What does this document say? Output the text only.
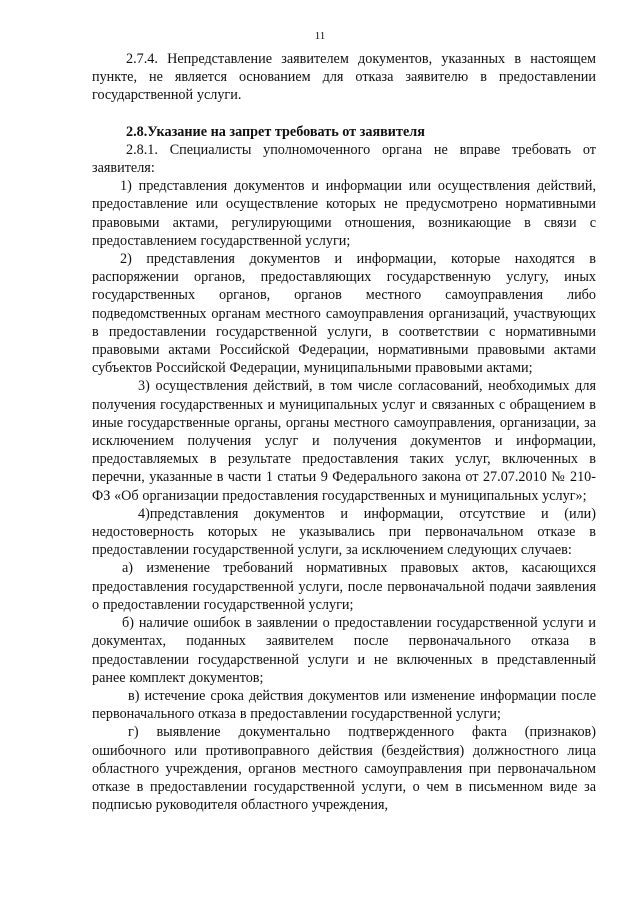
11

2.7.4. Непредставление заявителем документов, указанных в настоящем пункте, не является основанием для отказа заявителю в предоставлении государственной услуги.

2.8.Указание на запрет требовать от заявителя

2.8.1. Специалисты уполномоченного органа не вправе требовать от заявителя:

1) представления документов и информации или осуществления действий, предоставление или осуществление которых не предусмотрено нормативными правовыми актами, регулирующими отношения, возникающие в связи с предоставлением государственной услуги;

2) представления документов и информации, которые находятся в распоряжении органов, предоставляющих государственную услугу, иных государственных органов, органов местного самоуправления либо подведомственных органам местного самоуправления организаций, участвующих в предоставлении государственной услуги, в соответствии с нормативными правовыми актами Российской Федерации, нормативными правовыми актами субъектов Российской Федерации, муниципальными правовыми актами;

3) осуществления действий, в том числе согласований, необходимых для получения государственных и муниципальных услуг и связанных с обращением в иные государственные органы, органы местного самоуправления, организации, за исключением получения услуг и получения документов и информации, предоставляемых в результате предоставления таких услуг, включенных в перечни, указанные в части 1 статьи 9 Федерального закона от 27.07.2010 № 210-ФЗ «Об организации предоставления государственных и муниципальных услуг»;

4)представления документов и информации, отсутствие и (или) недостоверность которых не указывались при первоначальном отказе в предоставлении государственной услуги, за исключением следующих случаев:

а) изменение требований нормативных правовых актов, касающихся предоставления государственной услуги, после первоначальной подачи заявления о предоставлении государственной услуги;

б) наличие ошибок в заявлении о предоставлении государственной услуги и документах, поданных заявителем после первоначального отказа в предоставлении государственной услуги и не включенных в представленный ранее комплект документов;

в) истечение срока действия документов или изменение информации после первоначального отказа в предоставлении государственной услуги;

г) выявление документально подтвержденного факта (признаков) ошибочного или противоправного действия (бездействия) должностного лица областного учреждения, органов местного самоуправления при первоначальном отказе в предоставлении государственной услуги, о чем в письменном виде за подписью руководителя областного учреждения,
